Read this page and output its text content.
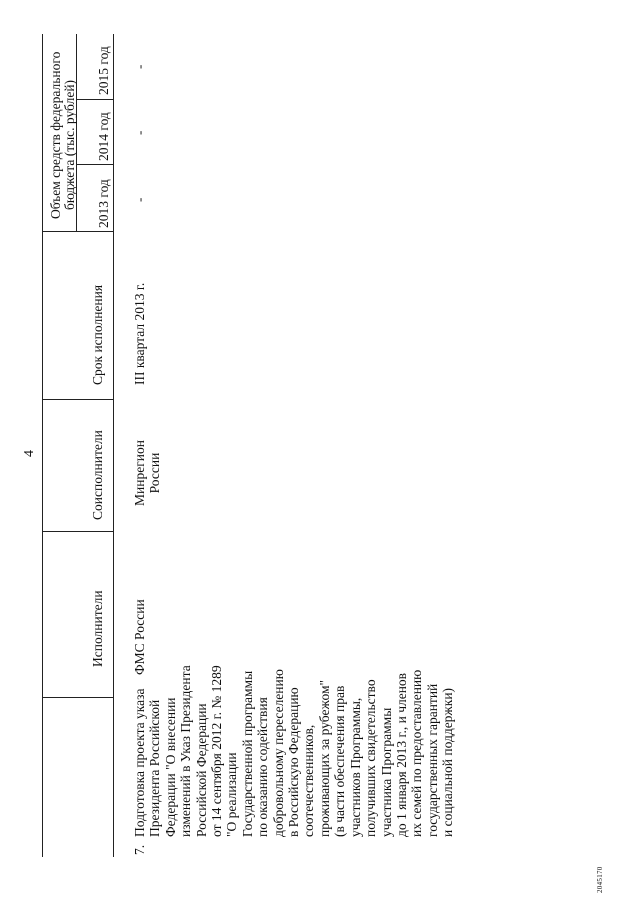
4
Исполнители
Соисполнители
Срок исполнения
Объем средств федерального бюджета (тыс. рублей) 2013 год
2014 год
2015 год
7.
Подготовка проекта указа Президента Российской Федерации "О внесении изменений в Указ Президента Российской Федерации от 14 сентября 2012 г. № 1289 "О реализации Государственной программы по оказанию содействия добровольному переселению в Российскую Федерацию соотечественников, проживающих за рубежом" (в части обеспечения прав участников Программы, получивших свидетельство участника Программы до 1 января 2013 г., и членов их семей по предоставлению государственных гарантий и социальной поддержки)
ФМС России
Минрегион России
III квартал 2013 г.
-
-
-
2045170
